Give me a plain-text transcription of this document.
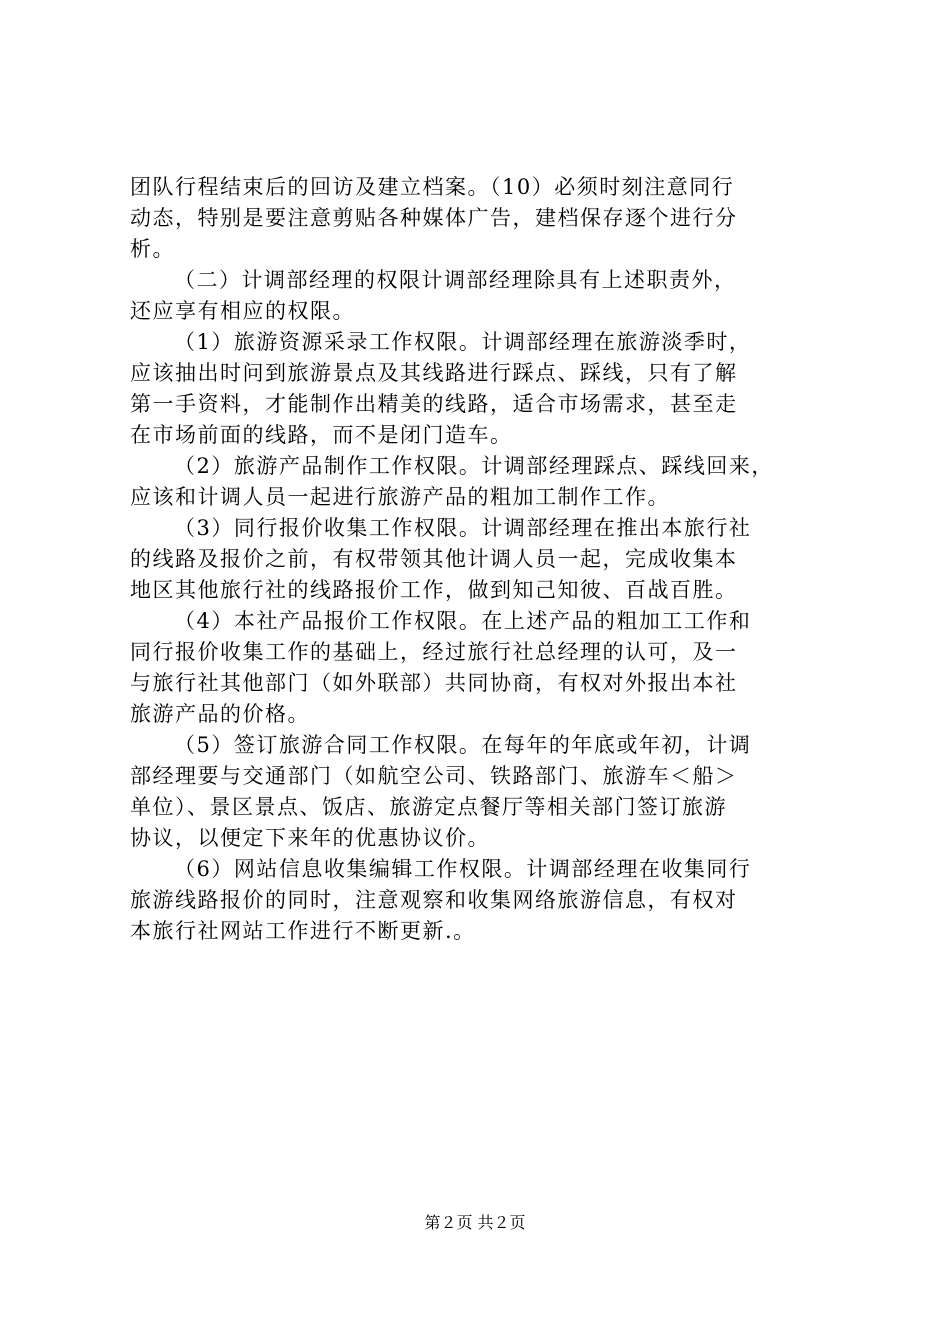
团队行程结束后的回访及建立档案。（10）必须时刻注意同行
动态，特别是要注意剪贴各种媒体广告，建档保存逐个进行分
析。
（二）计调部经理的权限计调部经理除具有上述职责外，
还应享有相应的权限。
（1）旅游资源采录工作权限。计调部经理在旅游淡季时，
应该抽出时问到旅游景点及其线路进行踩点、踩线，只有了解
第一手资料，才能制作出精美的线路，适合市场需求，甚至走
在市场前面的线路，而不是闭门造车。
（2）旅游产品制作工作权限。计调部经理踩点、踩线回来，
应该和计调人员一起进行旅游产品的粗加工制作工作。
（3）同行报价收集工作权限。计调部经理在推出本旅行社
的线路及报价之前，有权带领其他计调人员一起，完成收集本
地区其他旅行社的线路报价工作，做到知己知彼、百战百胜。
（4）本社产品报价工作权限。在上述产品的粗加工工作和
同行报价收集工作的基础上，经过旅行社总经理的认可，及一
与旅行社其他部门（如外联部）共同协商，有权对外报出本社
旅游产品的价格。
（5）签订旅游合同工作权限。在每年的年底或年初，计调
部经理要与交通部门（如航空公司、铁路部门、旅游车＜船＞
单位）、景区景点、饭店、旅游定点餐厅等相关部门签订旅游
协议，以便定下来年的优惠协议价。
（6）网站信息收集编辑工作权限。计调部经理在收集同行
旅游线路报价的同时，注意观察和收集网络旅游信息，有权对
本旅行社网站工作进行不断更新.。
第２页 共２页
